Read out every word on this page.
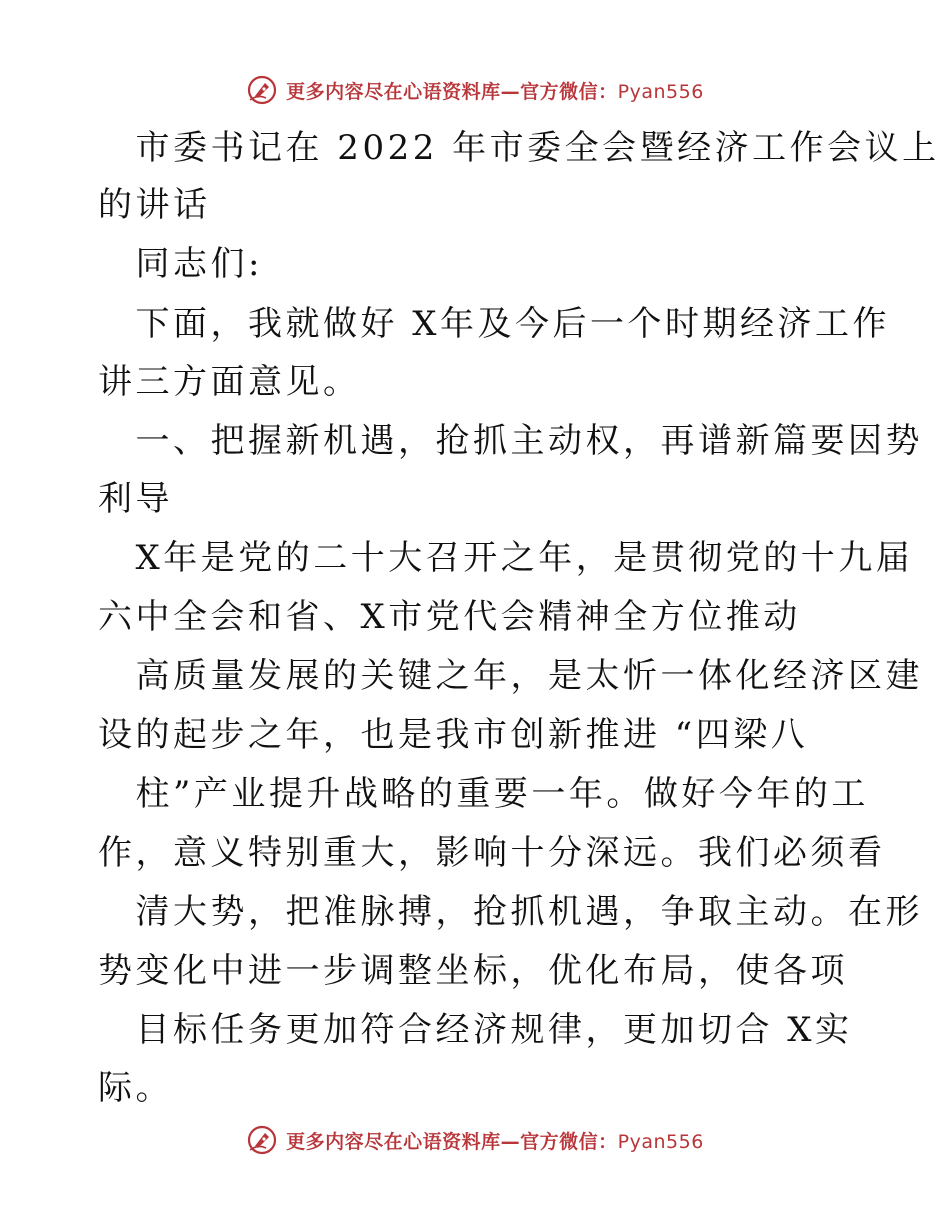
更多内容尽在心语资料库—官方微信：Pyan556
　市委书记在 2022 年市委全会暨经济工作会议上
的讲话
　同志们:
　下面，我就做好 X年及今后一个时期经济工作
讲三方面意见。
　一、把握新机遇，抢抓主动权，再谱新篇要因势
利导
　X年是党的二十大召开之年，是贯彻党的十九届
六中全会和省、X市党代会精神全方位推动
　高质量发展的关键之年，是太忻一体化经济区建
设的起步之年，也是我市创新推进 “四梁八
　柱”产业提升战略的重要一年。做好今年的工
作，意义特别重大，影响十分深远。我们必须看
　清大势，把准脉搏，抢抓机遇，争取主动。在形
势变化中进一步调整坐标，优化布局，使各项
　目标任务更加符合经济规律，更加切合 X实
际。
更多内容尽在心语资料库—官方微信：Pyan556
